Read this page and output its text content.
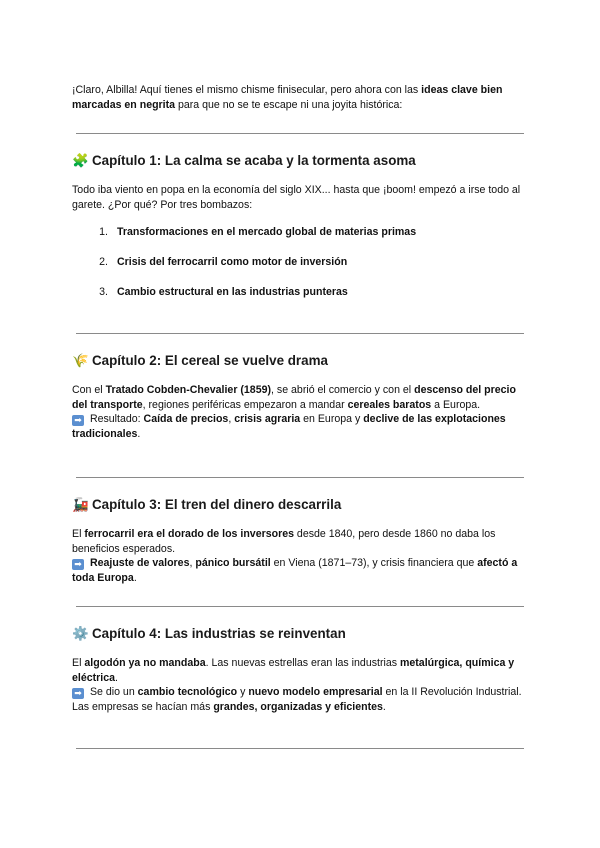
¡Claro, Albilla! Aquí tienes el mismo chisme finisecular, pero ahora con las ideas clave bien marcadas en negrita para que no se te escape ni una joyita histórica:

🧩 Capítulo 1: La calma se acaba y la tormenta asoma

Todo iba viento en popa en la economía del siglo XIX... hasta que ¡boom! empezó a irse todo al garete. ¿Por qué? Por tres bombazos:

1. Transformaciones en el mercado global de materias primas
2. Crisis del ferrocarril como motor de inversión
3. Cambio estructural en las industrias punteras
🌾 Capítulo 2: El cereal se vuelve drama
Con el Tratado Cobden-Chevalier (1859), se abrió el comercio y con el descenso del precio del transporte, regiones periféricas empezaron a mandar cereales baratos a Europa.
➡ Resultado: Caída de precios, crisis agraria en Europa y declive de las explotaciones tradicionales.
🚂 Capítulo 3: El tren del dinero descarrila
El ferrocarril era el dorado de los inversores desde 1840, pero desde 1860 no daba los beneficios esperados.
➡ Reajuste de valores, pánico bursátil en Viena (1871–73), y crisis financiera que afectó a toda Europa.
⚙️ Capítulo 4: Las industrias se reinventan
El algodón ya no mandaba. Las nuevas estrellas eran las industrias metalúrgica, química y eléctrica.
➡ Se dio un cambio tecnológico y nuevo modelo empresarial en la II Revolución Industrial.
Las empresas se hacían más grandes, organizadas y eficientes.
